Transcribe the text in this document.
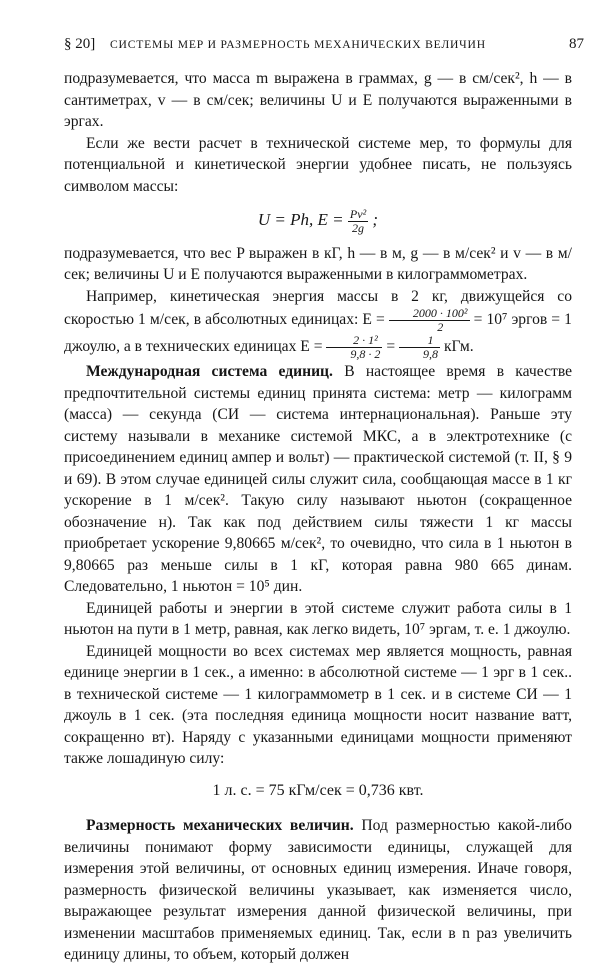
§ 20] СИСТЕМЫ МЕР И РАЗМЕРНОСТЬ МЕХАНИЧЕСКИХ ВЕЛИЧИН	87

подразумевается, что масса m выражена в граммах, g — в см/сек², h — в сантиметрах, v — в см/сек; величины U и E получаются выраженными в эргах.

Если же вести расчет в технической системе мер, то формулы для потенциальной и кинетической энергии удобнее писать, не пользуясь символом массы:

U = Ph, $E = \frac{\text{Pv²}}{2g}$ ;

подразумевается, что вес P выражен в кГ, h — в м, g — в м/сек² и v — в м/сек; величины U и E получаются выраженными в килограммометрах.

Например, кинетическая энергия массы в 2 кг, движущейся со скоростью 1 м/сек, в абсолютных единицах: $E = \frac{\text{2000 · 100²}}{2} = 10^7$ эргов = 1 джоулю, а в технических единицах $E = \frac{\text{2 · 1²}}{9,8 \cdot 2} = \frac{1}{9,8}$ кГм.

Международная система единиц. В настоящее время в качестве предпочтительной системы единиц принята система: метр — килограмм (масса) — секунда (СИ — система интернациональная). Раньше эту систему называли в механике системой МКС, а в электротехнике (с присоединением единиц ампер и вольт) — практической системой (т. II, § 9 и 69). В этом случае единицей силы служит сила, сообщающая массе в 1 кг ускорение в 1 м/сек². Такую силу называют ньютон (сокращенное обозначение н). Так как под действием силы тяжести 1 кг массы приобретает ускорение 9,80665 м/сек², то очевидно, что сила в 1 ньютон в 9,80665 раз меньше силы в 1 кГ, которая равна 980 665 динам. Следовательно, 1 ньютон = 10⁵ дин.

Единицей работы и энергии в этой системе служит работа силы в 1 ньютон на пути в 1 метр, равная, как легко видеть, 10⁷ эргам, т. е. 1 джоулю.

Единицей мощности во всех системах мер является мощность, равная единице энергии в 1 сек., а именно: в абсолютной системе — 1 эрг в 1 сек.. в технической системе — 1 килограммометр в 1 сек. и в системе СИ — 1 джоуль в 1 сек. (эта последняя единица мощности носит название ватт, сокращенно вт). Наряду с указанными единицами мощности применяют также лошадиную силу:

1 л. с. = 75 кГм/сек = 0,736 квт.

Размерность механических величин. Под размерностью какой-либо величины понимают форму зависимости единицы, служащей для измерения этой величины, от основных единиц измерения. Иначе говоря, размерность физической величины указывает, как изменяется число, выражающее результат измерения данной физической величины, при изменении масштабов применяемых единиц. Так, если в n раз увеличить единицу длины, то объем, который должен
